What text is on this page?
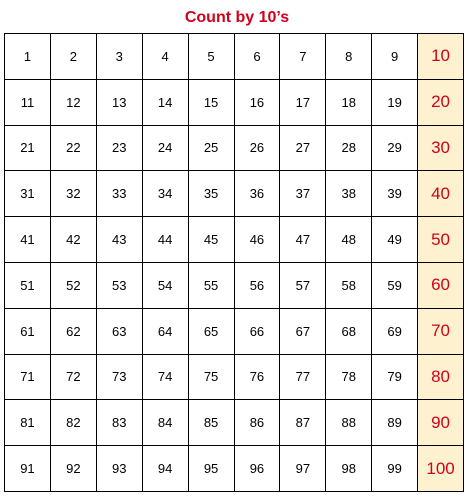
Count by 10’s
1	2	3	4	5	6	7	8	9	10
11	12	13	14	15	16	17	18	19	20
21	22	23	24	25	26	27	28	29	30
31	32	33	34	35	36	37	38	39	40
41	42	43	44	45	46	47	48	49	50
51	52	53	54	55	56	57	58	59	60
61	62	63	64	65	66	67	68	69	70
71	72	73	74	75	76	77	78	79	80
81	82	83	84	85	86	87	88	89	90
91	92	93	94	95	96	97	98	99	100
